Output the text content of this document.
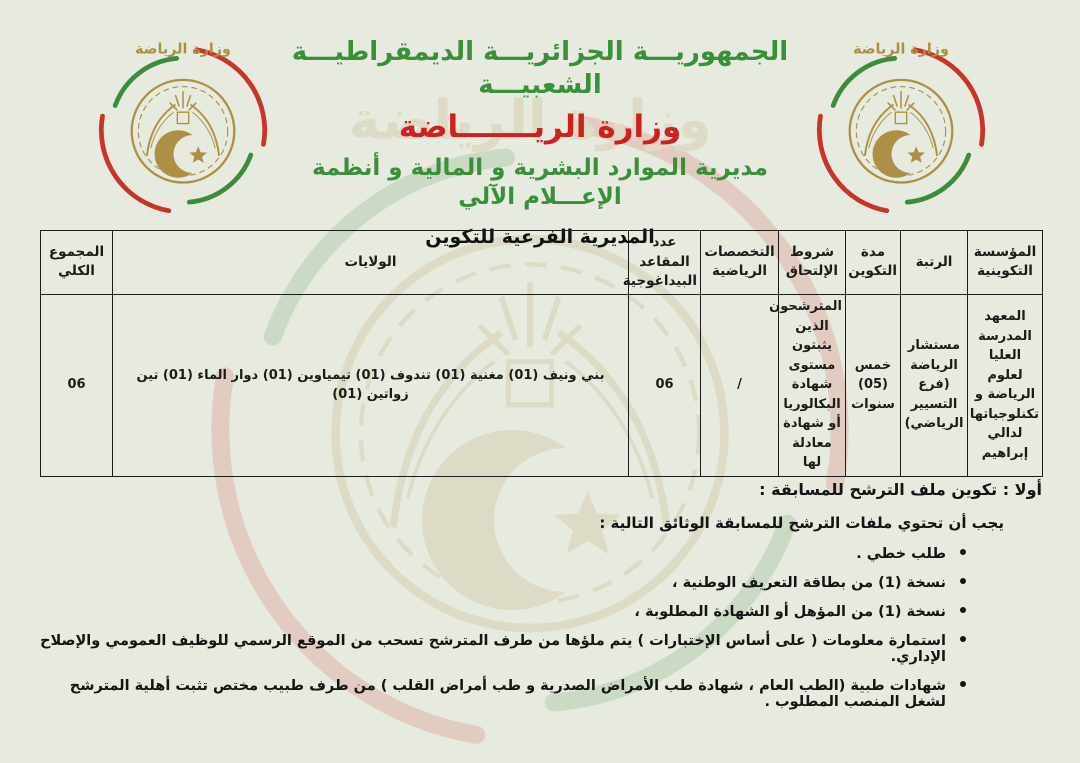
الجمهوريـــة الجزائريـــة الديمقراطيـــة الشعبيـــة
وزارة الريـــــــاضة
مديرية الموارد البشرية و المالية و أنظمة الإعـــلام الآلي
المديرية الفرعية للتكوين
المؤسسة التكوينية	الرتبة	مدة التكوين	شروط الإلتحاق	التخصصات الرياضية	عدد المقاعد البيداغوجية	الولايات	المجموع الكلي
المعهد المدرسة العليا لعلوم الرياضة و تكنلوجياتها لدالي إبراهيم	مستشار الرياضة (فرع التسيير الرياضي)	خمس (05) سنوات	المترشحون الذين يثبتون مستوى شهادة البكالوريا أو شهادة معادلة لها	/	06	بني ونيف (01) مغنية (01) تندوف (01) تيمياوين (01) دوار الماء (01) تين زواتين (01)	06
أولا : تكوين ملف الترشح للمسابقة :
يجب أن تحتوي ملفات الترشح للمسابقة الوثائق التالية :
طلب خطي .
نسخة (1) من بطاقة التعريف الوطنية ،
نسخة (1) من المؤهل أو الشهادة المطلوبة ،
استمارة معلومات ( على أساس الإختبارات ) يتم ملؤها من طرف المترشح تسحب من الموقع الرسمي للوظيف العمومي والإصلاح الإداري.
شهادات طبية (الطب العام ، شهادة طب الأمراض الصدرية و طب أمراض القلب ) من طرف طبيب مختص تثبت أهلية المترشح لشغل المنصب المطلوب .
